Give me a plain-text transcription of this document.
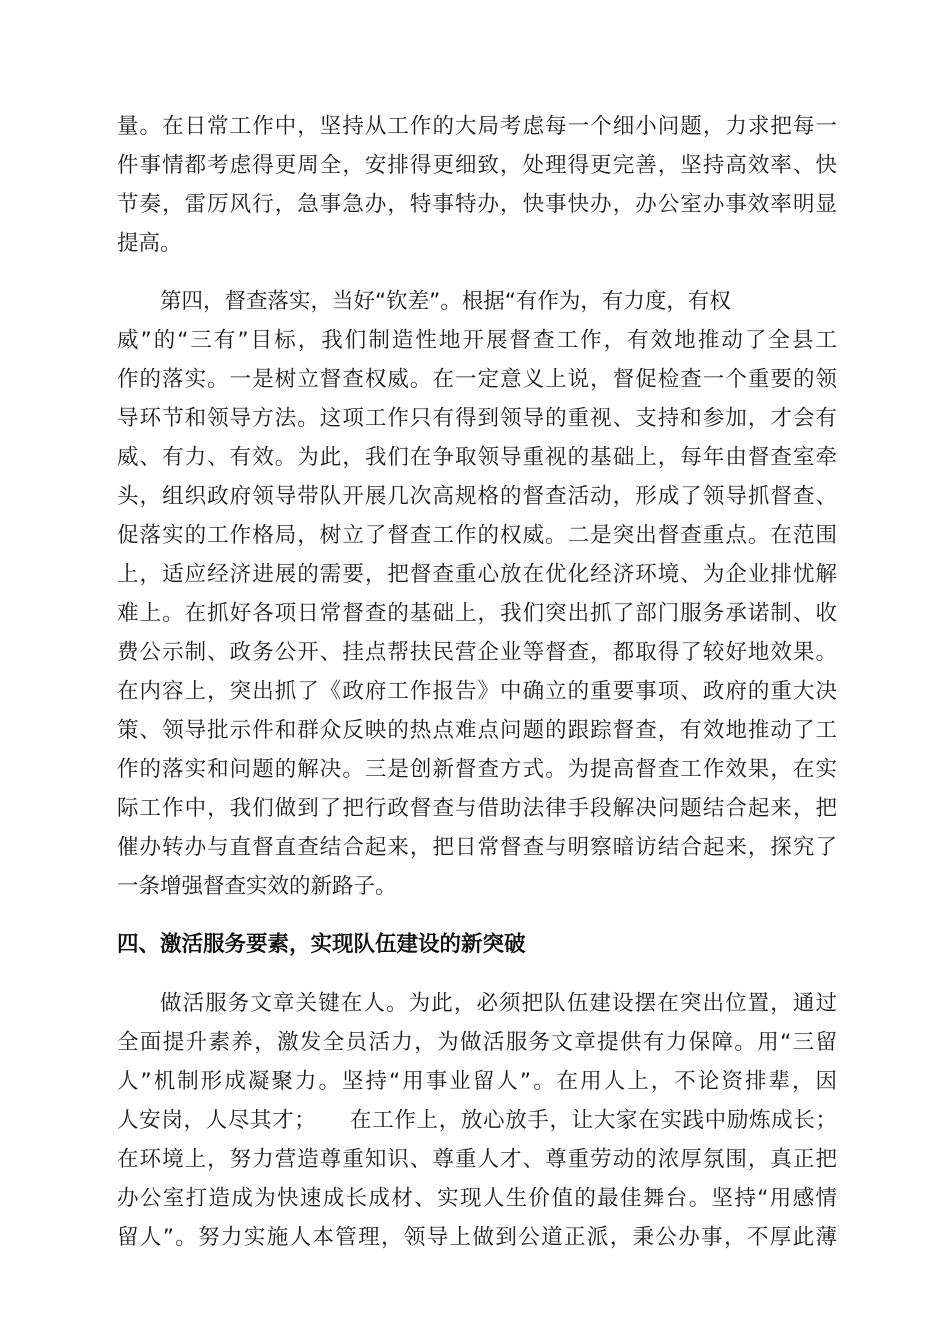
量。在日常工作中，坚持从工作的大局考虑每一个细小问题，力求把每一
件事情都考虑得更周全，安排得更细致，处理得更完善，坚持高效率、快
节奏，雷厉风行，急事急办，特事特办，快事快办，办公室办事效率明显
提高。
第四，督查落实，当好“钦差”。根据“有作为，有力度，有权
威”的“三有”目标，我们制造性地开展督查工作，有效地推动了全县工
作的落实。一是树立督查权威。在一定意义上说，督促检查一个重要的领
导环节和领导方法。这项工作只有得到领导的重视、支持和参加，才会有
威、有力、有效。为此，我们在争取领导重视的基础上，每年由督查室牵
头，组织政府领导带队开展几次高规格的督查活动，形成了领导抓督查、
促落实的工作格局，树立了督查工作的权威。二是突出督查重点。在范围
上，适应经济进展的需要，把督查重心放在优化经济环境、为企业排忧解
难上。在抓好各项日常督查的基础上，我们突出抓了部门服务承诺制、收
费公示制、政务公开、挂点帮扶民营企业等督查，都取得了较好地效果。
在内容上，突出抓了《政府工作报告》中确立的重要事项、政府的重大决
策、领导批示件和群众反映的热点难点问题的跟踪督查，有效地推动了工
作的落实和问题的解决。三是创新督查方式。为提高督查工作效果，在实
际工作中，我们做到了把行政督查与借助法律手段解决问题结合起来，把
催办转办与直督直查结合起来，把日常督查与明察暗访结合起来，探究了
一条增强督查实效的新路子。
四、激活服务要素，实现队伍建设的新突破
做活服务文章关键在人。为此，必须把队伍建设摆在突出位置，通过
全面提升素养，激发全员活力，为做活服务文章提供有力保障。用“三留
人”机制形成凝聚力。坚持“用事业留人”。在用人上，不论资排辈，因
人安岗，人尽其才；　　在工作上，放心放手，让大家在实践中励炼成长；
在环境上，努力营造尊重知识、尊重人才、尊重劳动的浓厚氛围，真正把
办公室打造成为快速成长成材、实现人生价值的最佳舞台。坚持“用感情
留人”。努力实施人本管理，领导上做到公道正派，秉公办事，不厚此薄
